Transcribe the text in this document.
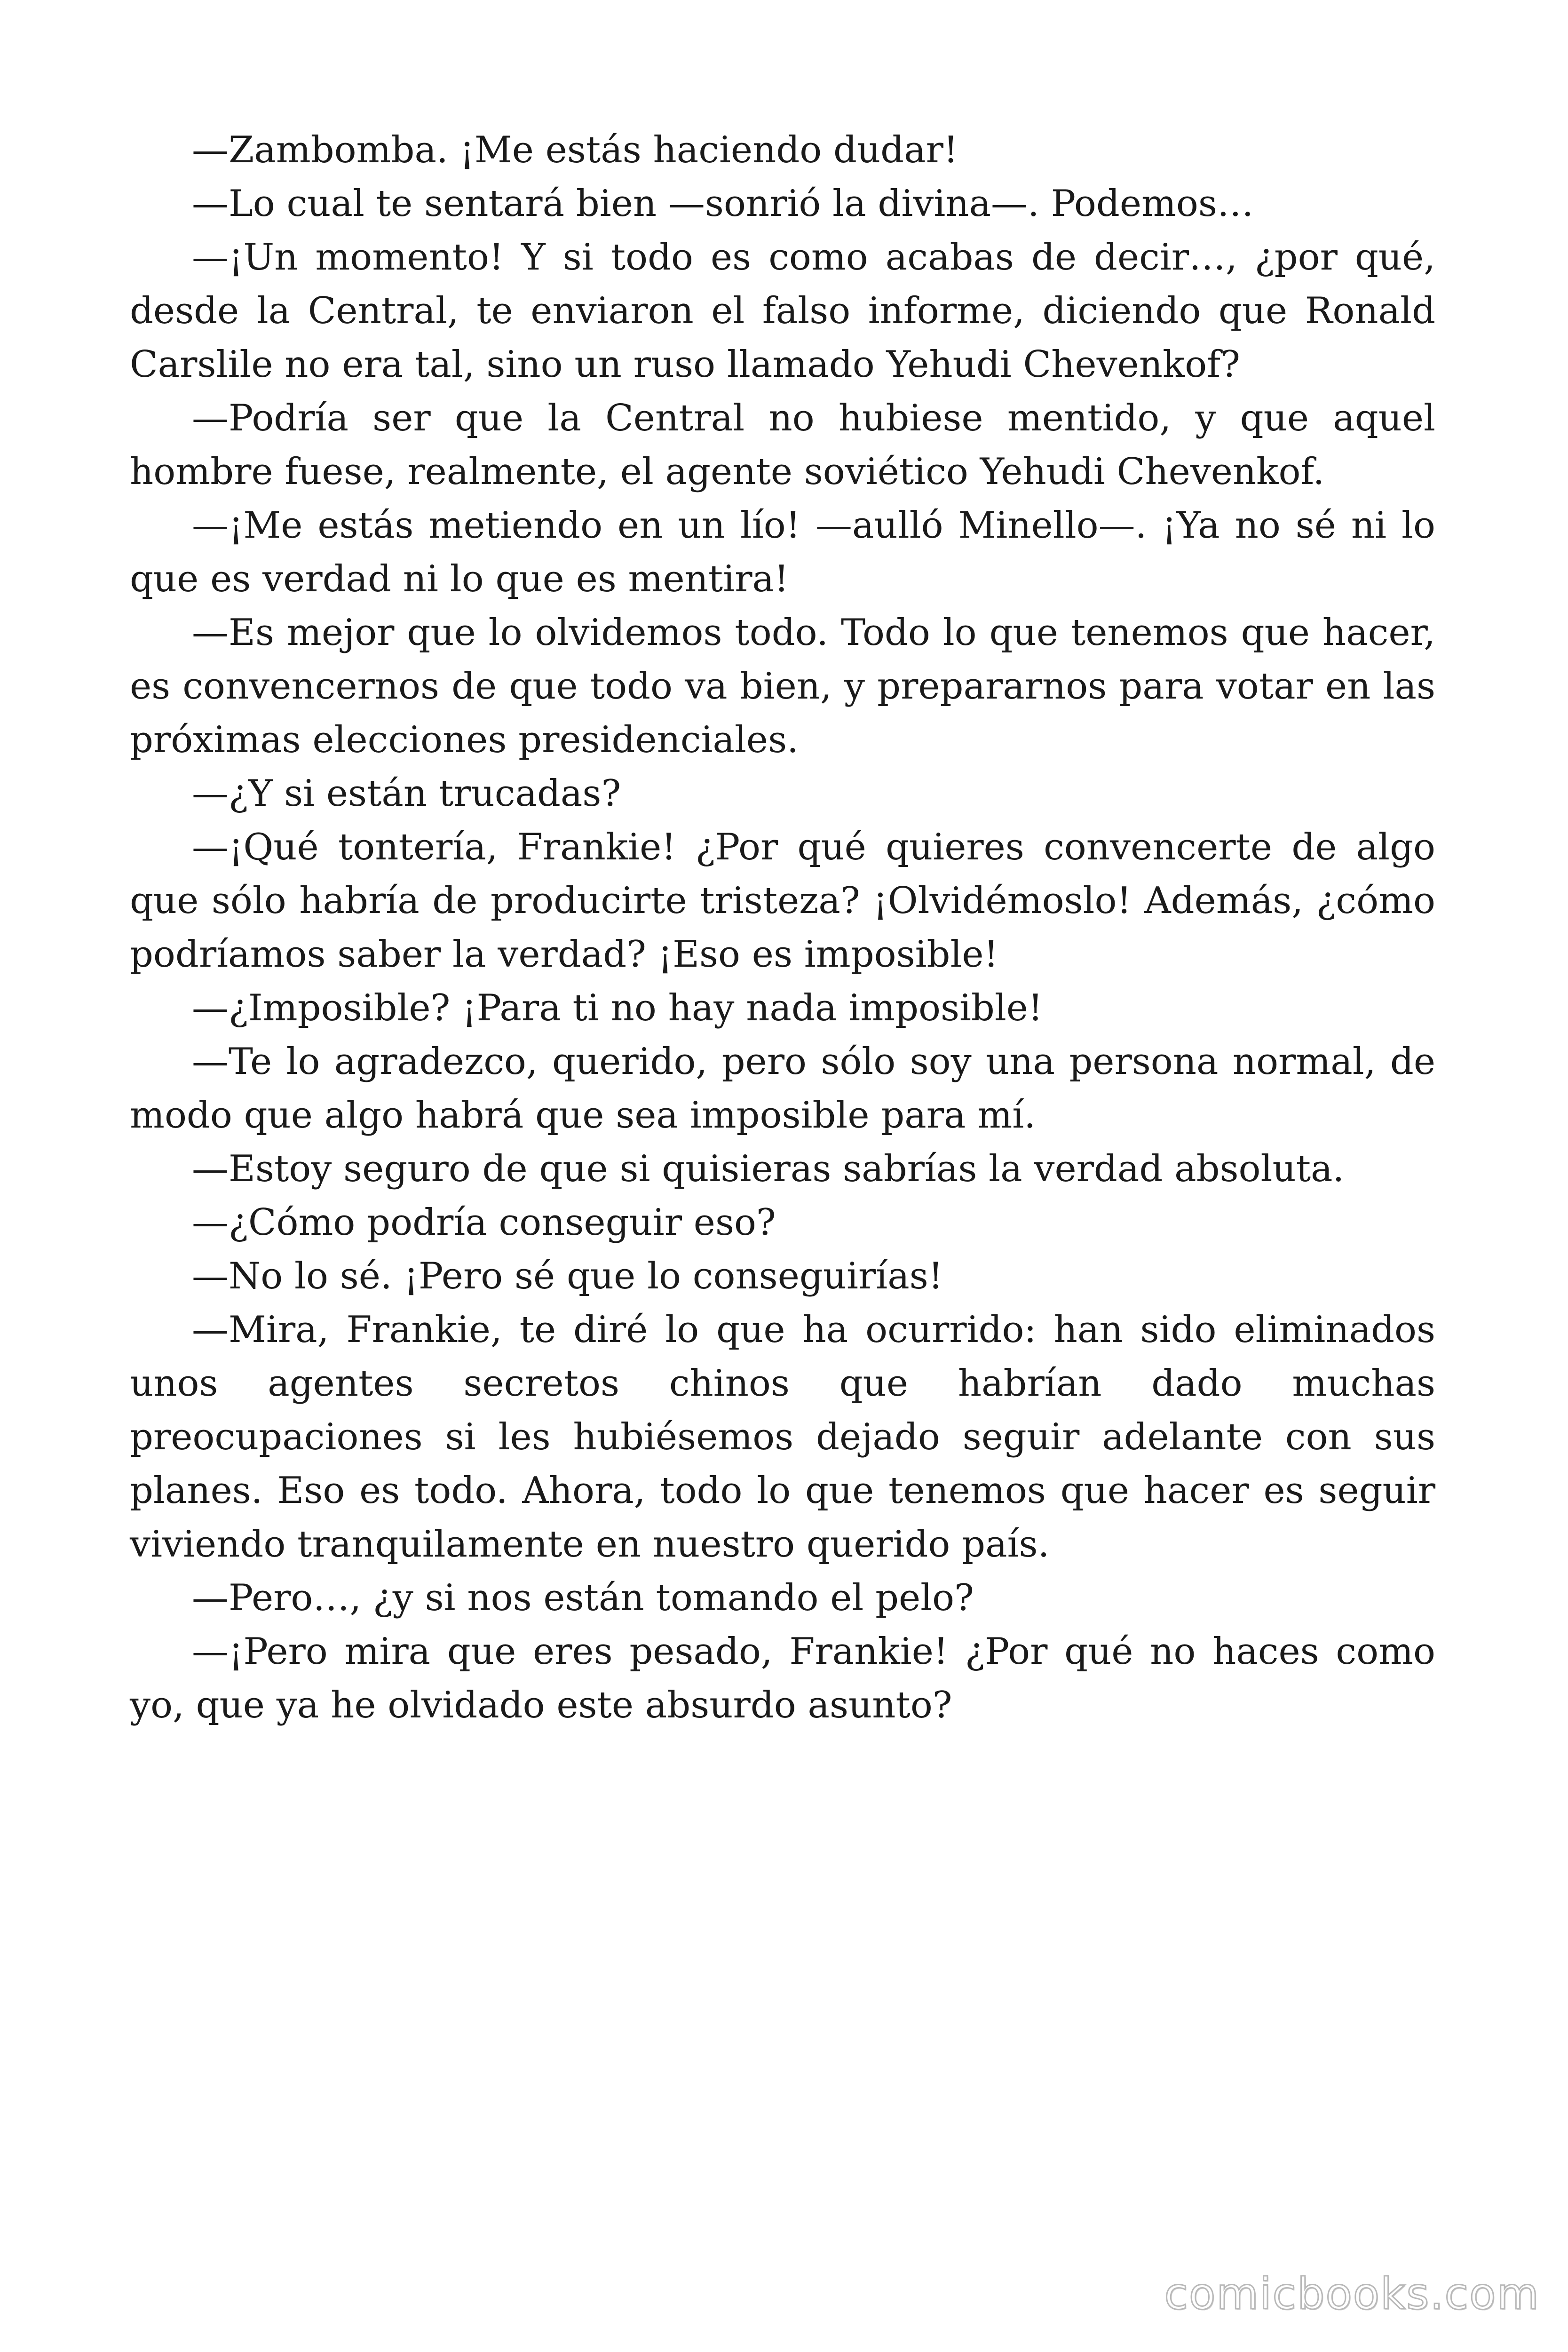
—Zambomba. ¡Me estás haciendo dudar!

—Lo cual te sentará bien —sonrió la divina—. Podemos…

—¡Un momento! Y si todo es como acabas de decir…, ¿por qué, desde la Central, te enviaron el falso informe, diciendo que Ronald Carslile no era tal, sino un ruso llamado Yehudi Chevenkof?

—Podría ser que la Central no hubiese mentido, y que aquel hombre fuese, realmente, el agente soviético Yehudi Chevenkof.

—¡Me estás metiendo en un lío! —aulló Minello—. ¡Ya no sé ni lo que es verdad ni lo que es mentira!

—Es mejor que lo olvidemos todo. Todo lo que tenemos que hacer, es convencernos de que todo va bien, y prepararnos para votar en las próximas elecciones presidenciales.

—¿Y si están trucadas?

—¡Qué tontería, Frankie! ¿Por qué quieres convencerte de algo que sólo habría de producirte tristeza? ¡Olvidémoslo! Además, ¿cómo podríamos saber la verdad? ¡Eso es imposible!

—¿Imposible? ¡Para ti no hay nada imposible!

—Te lo agradezco, querido, pero sólo soy una persona normal, de modo que algo habrá que sea imposible para mí.

—Estoy seguro de que si quisieras sabrías la verdad absoluta.

—¿Cómo podría conseguir eso?

—No lo sé. ¡Pero sé que lo conseguirías!

—Mira, Frankie, te diré lo que ha ocurrido: han sido eliminados unos agentes secretos chinos que habrían dado muchas preocupaciones si les hubiésemos dejado seguir adelante con sus planes. Eso es todo. Ahora, todo lo que tenemos que hacer es seguir viviendo tranquilamente en nuestro querido país.

—Pero…, ¿y si nos están tomando el pelo?

—¡Pero mira que eres pesado, Frankie! ¿Por qué no haces como yo, que ya he olvidado este absurdo asunto?

comicbooks.com
